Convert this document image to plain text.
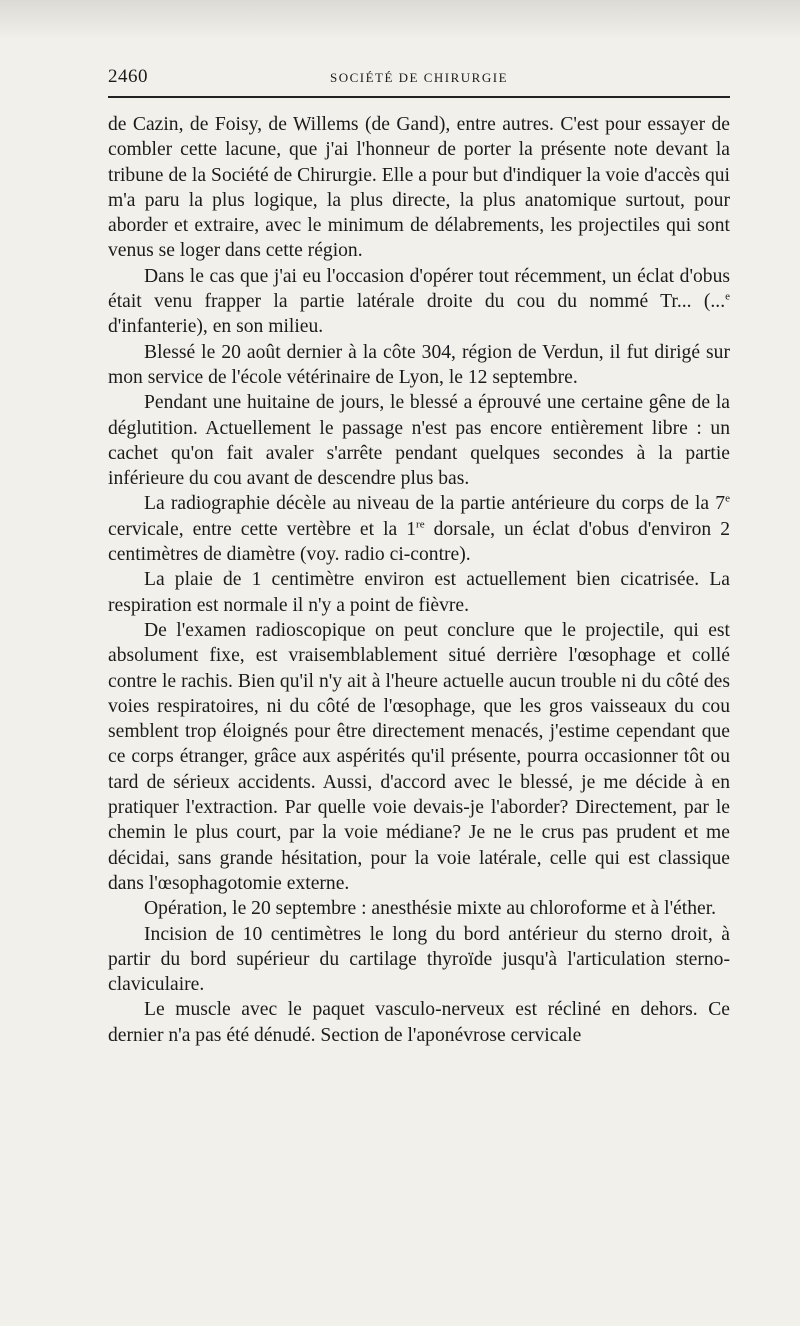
2460	SOCIÉTÉ DE CHIRURGIE

de Cazin, de Foisy, de Willems (de Gand), entre autres. C'est pour essayer de combler cette lacune, que j'ai l'honneur de porter la présente note devant la tribune de la Société de Chirurgie. Elle a pour but d'indiquer la voie d'accès qui m'a paru la plus logique, la plus directe, la plus anatomique surtout, pour aborder et extraire, avec le minimum de délabrements, les projectiles qui sont venus se loger dans cette région.

Dans le cas que j'ai eu l'occasion d'opérer tout récemment, un éclat d'obus était venu frapper la partie latérale droite du cou du nommé Tr... (...$^e$ d'infanterie), en son milieu.

Blessé le 20 août dernier à la côte 304, région de Verdun, il fut dirigé sur mon service de l'école vétérinaire de Lyon, le 12 septembre.

Pendant une huitaine de jours, le blessé a éprouvé une certaine gêne de la déglutition. Actuellement le passage n'est pas encore entièrement libre : un cachet qu'on fait avaler s'arrête pendant quelques secondes à la partie inférieure du cou avant de descendre plus bas.

La radiographie décèle au niveau de la partie antérieure du corps de la 7e cervicale, entre cette vertèbre et la 1re dorsale, un éclat d'obus d'environ 2 centimètres de diamètre (voy. radio ci-contre).

La plaie de 1 centimètre environ est actuellement bien cicatrisée. La respiration est normale il n'y a point de fièvre.

De l'examen radioscopique on peut conclure que le projectile, qui est absolument fixe, est vraisemblablement situé derrière l'œsophage et collé contre le rachis. Bien qu'il n'y ait à l'heure actuelle aucun trouble ni du côté des voies respiratoires, ni du côté de l'œsophage, que les gros vaisseaux du cou semblent trop éloignés pour être directement menacés, j'estime cependant que ce corps étranger, grâce aux aspérités qu'il présente, pourra occasionner tôt ou tard de sérieux accidents. Aussi, d'accord avec le blessé, je me décide à en pratiquer l'extraction. Par quelle voie devais-je l'aborder? Directement, par le chemin le plus court, par la voie médiane? Je ne le crus pas prudent et me décidai, sans grande hésitation, pour la voie latérale, celle qui est classique dans l'œsophagotomie externe.

Opération, le 20 septembre : anesthésie mixte au chloroforme et à l'éther.

Incision de 10 centimètres le long du bord antérieur du sterno droit, à partir du bord supérieur du cartilage thyroïde jusqu'à l'articulation sterno-claviculaire.

Le muscle avec le paquet vasculo-nerveux est récliné en dehors. Ce dernier n'a pas été dénudé. Section de l'aponévrose cervicale
